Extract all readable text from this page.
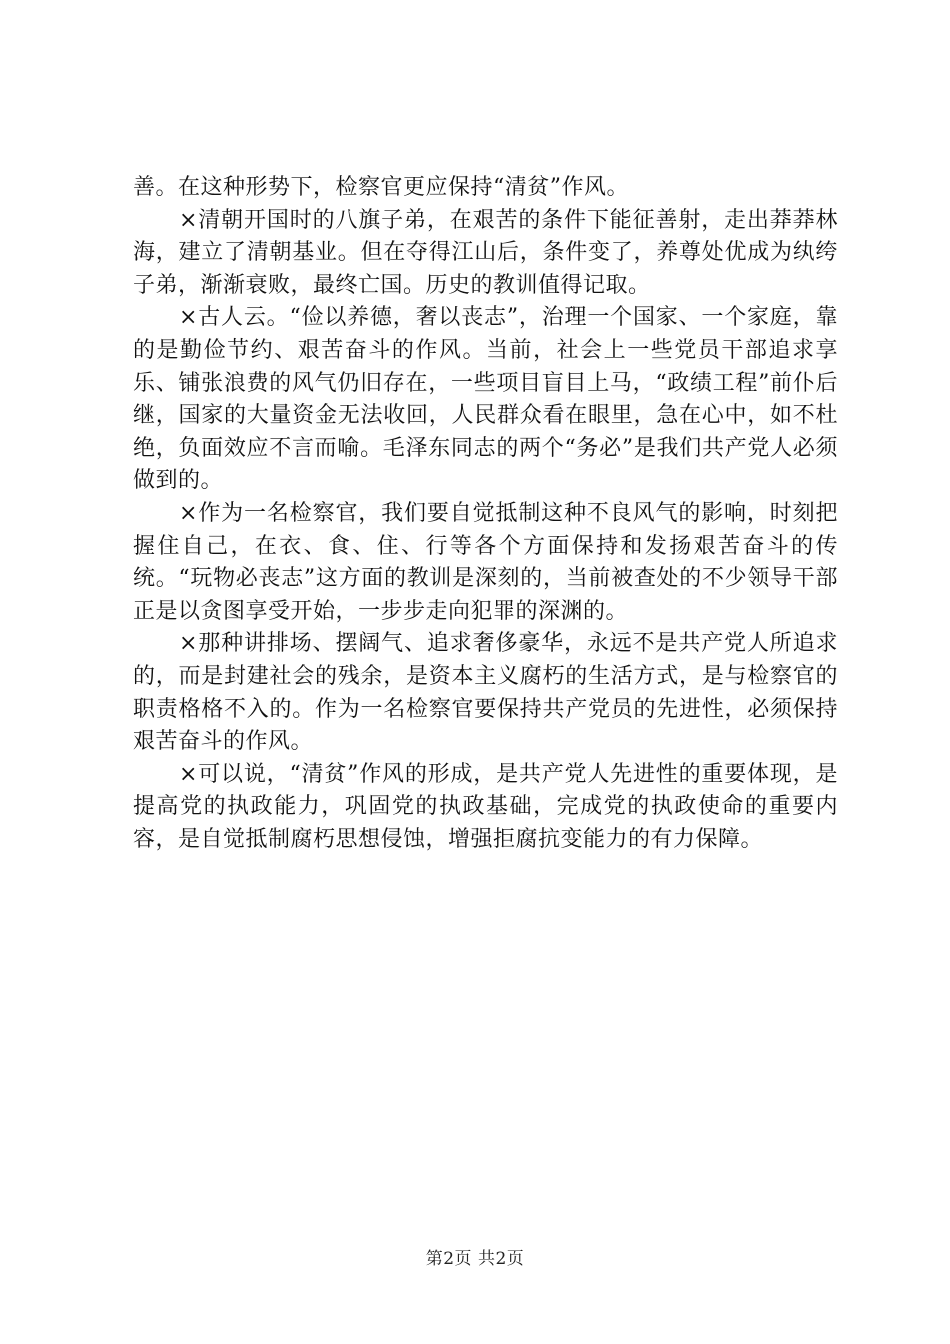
善。在这种形势下，检察官更应保持“清贫”作风。

×清朝开国时的八旗子弟，在艰苦的条件下能征善射，走出莽莽林海，建立了清朝基业。但在夺得江山后，条件变了，养尊处优成为纨绔子弟，渐渐衰败，最终亡国。历史的教训值得记取。

×古人云。“俭以养德，奢以丧志”，治理一个国家、一个家庭，靠的是勤俭节约、艰苦奋斗的作风。当前，社会上一些党员干部追求享乐、铺张浪费的风气仍旧存在，一些项目盲目上马，“政绩工程”前仆后继，国家的大量资金无法收回，人民群众看在眼里，急在心中，如不杜绝，负面效应不言而喻。毛泽东同志的两个“务必”是我们共产党人必须做到的。

×作为一名检察官，我们要自觉抵制这种不良风气的影响，时刻把握住自己，在衣、食、住、行等各个方面保持和发扬艰苦奋斗的传统。“玩物必丧志”这方面的教训是深刻的，当前被查处的不少领导干部正是以贪图享受开始，一步步走向犯罪的深渊的。

×那种讲排场、摆阔气、追求奢侈豪华，永远不是共产党人所追求的，而是封建社会的残余，是资本主义腐朽的生活方式，是与检察官的职责格格不入的。作为一名检察官要保持共产党员的先进性，必须保持艰苦奋斗的作风。

×可以说，“清贫”作风的形成，是共产党人先进性的重要体现，是提高党的执政能力，巩固党的执政基础，完成党的执政使命的重要内容，是自觉抵制腐朽思想侵蚀，增强拒腐抗变能力的有力保障。

第2页 共2页
